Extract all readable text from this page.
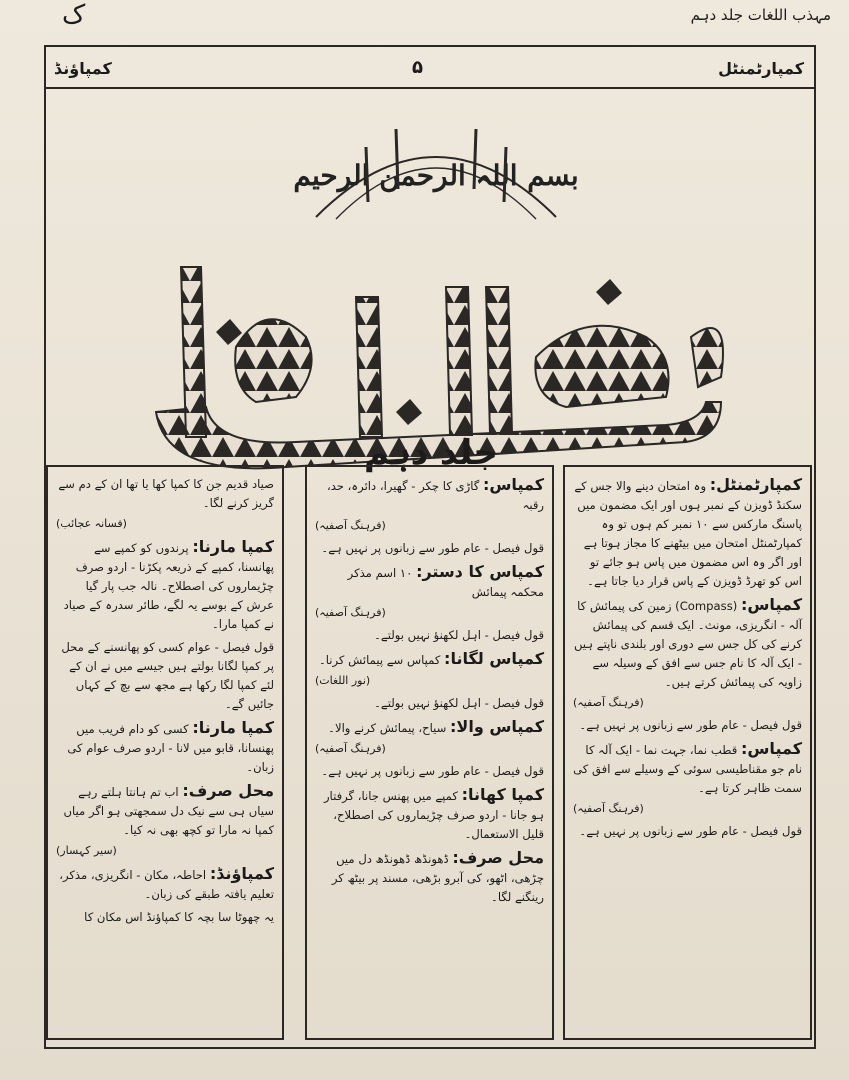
مہذب اللغات جلد دہم
ک
کمپارٹمنٹل
۵
کمپاؤنڈ
بسم اللہ الرحمن الرحیم
جلد دہم

کمپارٹمنٹل: وہ امتحان دینے والا جس کے سکنڈ ڈویزن کے نمبر ہوں اور ایک مضمون میں پاسنگ مارکس سے ۱۰ نمبر کم ہوں تو وہ کمپارٹمنٹل امتحان میں بیٹھنے کا مجاز ہوتا ہے اور اگر وہ اس مضمون میں پاس ہو جائے تو اس کو تھرڈ ڈویزن کے پاس قرار دیا جاتا ہے۔

کمپاس: (Compass) زمین کی پیمائش کا آلہ - انگریزی، مونث۔ ایک قسم کی پیمائش کرنے کی کل جس سے دوری اور بلندی ناپتے ہیں - ایک آلہ کا نام جس سے افق کے وسیلہ سے زاویہ کی پیمائش کرتے ہیں۔
(فرہنگ آصفیہ)

قول فیصل - عام طور سے زبانوں پر نہیں ہے۔

کمپاس: قطب نما، جہت نما - ایک آلہ کا نام جو مقناطیسی سوئی کے وسیلے سے افق کی سمت ظاہر کرتا ہے۔
(فرہنگ آصفیہ)

قول فیصل - عام طور سے زبانوں پر نہیں ہے۔

کمپاس: گاڑی کا چکر - گھیرا، دائرہ، حد، رقبہ
(فرہنگ آصفیہ)

قول فیصل - عام طور سے زبانوں پر نہیں ہے۔

کمپاس کا دستر: ۱۰ اسم مذکر محکمہ پیمائش
(فرہنگ آصفیہ)

قول فیصل - اہل لکھنؤ نہیں بولتے۔

کمپاس لگانا: کمپاس سے پیمائش کرنا۔
(نور اللغات)

قول فیصل - اہل لکھنؤ نہیں بولتے۔

کمپاس والا: سیاح، پیمائش کرنے والا۔
(فرہنگ آصفیہ)

قول فیصل - عام طور سے زبانوں پر نہیں ہے۔

کمپا کھانا: کمپے میں پھنس جانا، گرفتار ہو جانا - اردو صرف چڑیماروں کی اصطلاح، قلیل الاستعمال۔

محل صرف: ڈھونڈھ ڈھونڈھ دل میں چڑھی، اٹھو، کی آبرو بڑھی، مسند پر بیٹھ کر رینگنے لگا۔

صیاد قدیم جن کا کمپا کھا یا تھا ان کے دم سے گریز کرنے لگا۔
(فسانہ عجائب)

کمپا مارنا: پرندوں کو کمپے سے پھانسنا، کمپے کے ذریعہ پکڑنا - اردو صرف چڑیماروں کی اصطلاح۔ نالہ جب پار گیا عرش کے بوسے یہ لگے، طائر سدرہ کے صیاد نے کمپا مارا۔

قول فیصل - عوام کسی کو پھانسنے کے محل پر کمپا لگانا بولتے ہیں جیسے میں نے ان کے لئے کمپا لگا رکھا ہے مجھ سے بچ کے کہاں جائیں گے۔

کمپا مارنا: کسی کو دام فریب میں پھنسانا، قابو میں لانا - اردو صرف عوام کی زبان۔

محل صرف: اب تم ہانتا ہلتے رہے سیاں ہی سے نیک دل سمجھتی ہو اگر میاں کمپا نہ مارا تو کچھ بھی نہ کیا۔
(سیر کہسار)

کمپاؤنڈ: احاطہ، مکان - انگریزی، مذکر، تعلیم یافتہ طبقے کی زبان۔

یہ چھوٹا سا بچہ کا کمپاؤنڈ اس مکان کا
